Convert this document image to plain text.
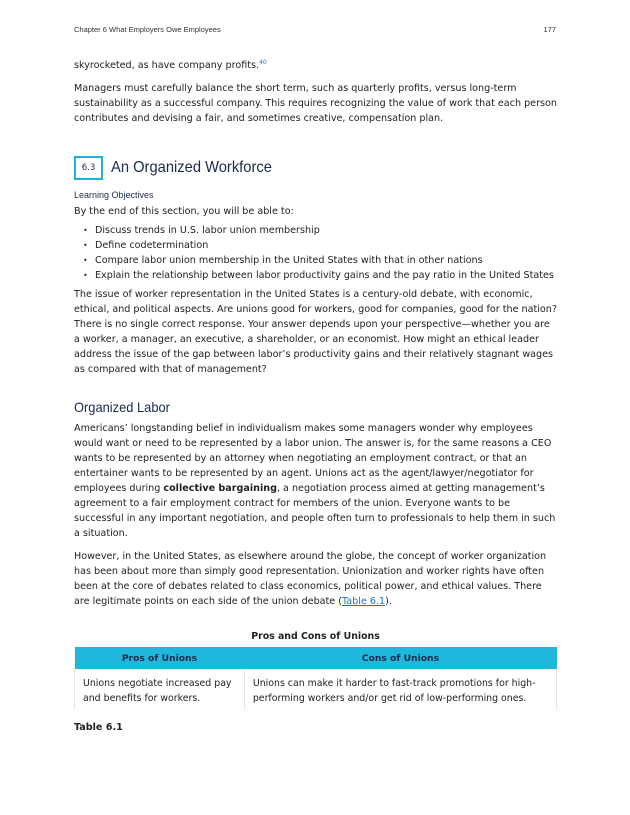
Chapter 6 What Employers Owe Employees	177

skyrocketed, as have company profits.$^{40}$

Managers must carefully balance the short term, such as quarterly profits, versus long-term sustainability as a successful company. This requires recognizing the value of work that each person contributes and devising a fair, and sometimes creative, compensation plan.

6.3 An Organized Workforce
Learning Objectives

By the end of this section, you will be able to:

• Discuss trends in U.S. labor union membership
• Define codetermination
• Compare labor union membership in the United States with that in other nations
• Explain the relationship between labor productivity gains and the pay ratio in the United States

The issue of worker representation in the United States is a century-old debate, with economic, ethical, and political aspects. Are unions good for workers, good for companies, good for the nation? There is no single correct response. Your answer depends upon your perspective—whether you are a worker, a manager, an executive, a shareholder, or an economist. How might an ethical leader address the issue of the gap between labor’s productivity gains and their relatively stagnant wages as compared with that of management?

Organized Labor

Americans’ longstanding belief in individualism makes some managers wonder why employees would want or need to be represented by a labor union. The answer is, for the same reasons a CEO wants to be represented by an attorney when negotiating an employment contract, or that an entertainer wants to be represented by an agent. Unions act as the agent/lawyer/negotiator for employees during collective bargaining, a negotiation process aimed at getting management’s agreement to a fair employment contract for members of the union. Everyone wants to be successful in any important negotiation, and people often turn to professionals to help them in such a situation.

However, in the United States, as elsewhere around the globe, the concept of worker organization has been about more than simply good representation. Unionization and worker rights have often been at the core of debates related to class economics, political power, and ethical values. There are legitimate points on each side of the union debate (Table 6.1).

Pros and Cons of Unions
Pros of Unions	Cons of Unions
Unions negotiate increased pay and benefits for workers.	Unions can make it harder to fast-track promotions for high-performing workers and/or get rid of low-performing ones.
Table 6.1
